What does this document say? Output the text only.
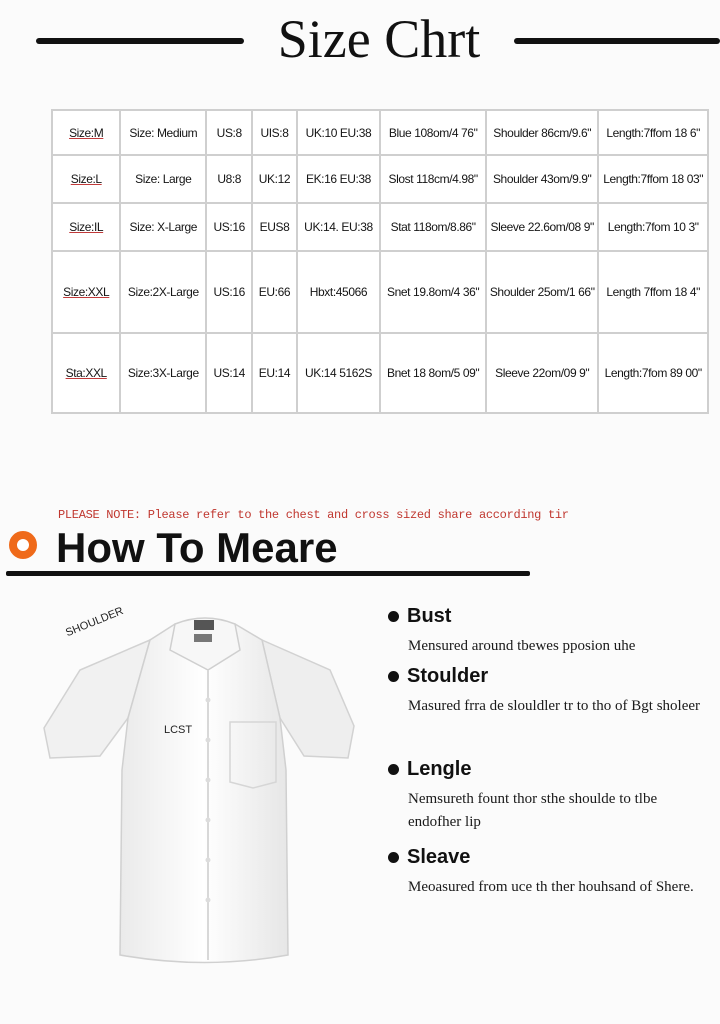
Size Chrt
Size:M	Size: Medium	US:8	UIS:8	UK:10 EU:38	Blue 108om/4 76"	Shoulder 86cm/9.6"	Length:7ffom 18 6"
Size:L	Size: Large	U8:8	UK:12	EK:16 EU:38	Slost 118cm/4.98"	Shoulder 43om/9.9"	Length:7ffom 18 03"
Size:IL	Size: X-Large	US:16	EUS8	UK:14. EU:38	Stat 118om/8.86"	Sleeve 22.6om/08 9"	Length:7fom 10 3"
Size:XXL	Size:2X-Large	US:16	EU:66	Hbxt:45066	Snet 19.8om/4 36"	Shoulder 25om/1 66"	Length 7ffom 18 4"
Sta:XXL	Size:3X-Large	US:14	EU:14	UK:14 5162S	Bnet 18 8om/5 09"	Sleeve 22om/09 9"	Length:7fom 89 00"
PLEASE NOTE: Please refer to the chest and cross sized share according tir
How To Meare
SHOULDER
LCST
Bust
Mensured around tbewes pposion uhe
Stoulder
Masured frra de slouldler tr to tho of Bgt sholeer
Lengle
Nemsureth fount thor sthe shoulde to tlbe endofher lip
Sleave
Meoasured from uce th ther houhsand of Shere.
